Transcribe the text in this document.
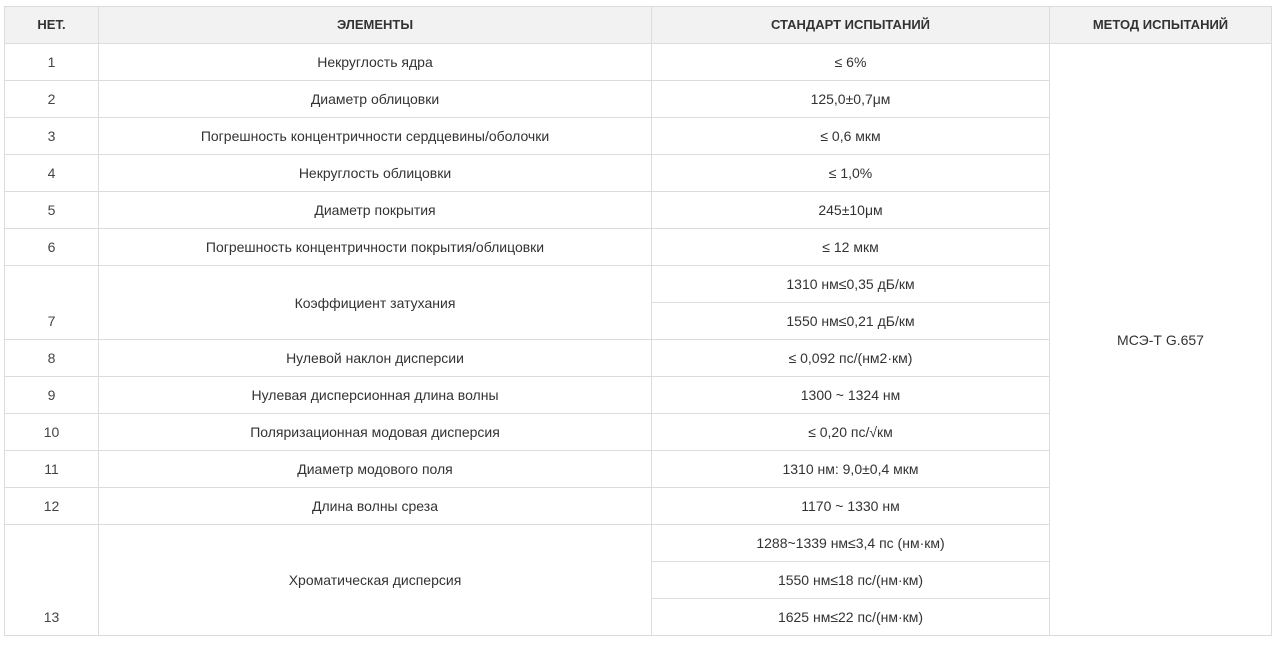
НЕТ.	ЭЛЕМЕНТЫ	СТАНДАРТ ИСПЫТАНИЙ	МЕТОД ИСПЫТАНИЙ
1	Некруглость ядра	≤ 6%	МСЭ-Т G.657
2	Диаметр облицовки	125,0±0,7μм	
3	Погрешность концентричности сердцевины/оболочки	≤ 0,6 мкм	
4	Некруглость облицовки	≤ 1,0%	
5	Диаметр покрытия	245±10μм	
6	Погрешность концентричности покрытия/облицовки	≤ 12 мкм	
7	Коэффициент затухания	1310 нм≤0,35 дБ/км	
		1550 нм≤0,21 дБ/км	
8	Нулевой наклон дисперсии	≤ 0,092 пс/(нм2·км)	
9	Нулевая дисперсионная длина волны	1300 ~ 1324 нм	
10	Поляризационная модовая дисперсия	≤ 0,20 пс/√км	
11	Диаметр модового поля	1310 нм: 9,0±0,4 мкм	
12	Длина волны среза	1170 ~ 1330 нм	
13	Хроматическая дисперсия	1288~1339 нм≤3,4 пс (нм·км)	
		1550 нм≤18 пс/(нм·км)	
		1625 нм≤22 пс/(нм·км)	
